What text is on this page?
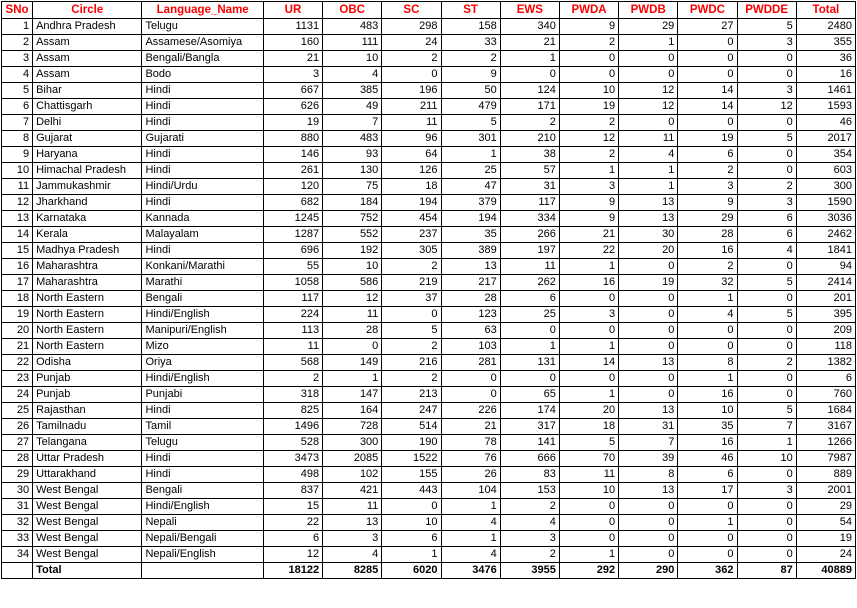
SNo	Circle	Language_Name	UR	OBC	SC	ST	EWS	PWDA	PWDB	PWDC	PWDDE	Total
1	Andhra Pradesh	Telugu	1131	483	298	158	340	9	29	27	5	2480
2	Assam	Assamese/Asomiya	160	111	24	33	21	2	1	0	3	355
3	Assam	Bengali/Bangla	21	10	2	2	1	0	0	0	0	36
4	Assam	Bodo	3	4	0	9	0	0	0	0	0	16
5	Bihar	Hindi	667	385	196	50	124	10	12	14	3	1461
6	Chattisgarh	Hindi	626	49	211	479	171	19	12	14	12	1593
7	Delhi	Hindi	19	7	11	5	2	2	0	0	0	46
8	Gujarat	Gujarati	880	483	96	301	210	12	11	19	5	2017
9	Haryana	Hindi	146	93	64	1	38	2	4	6	0	354
10	Himachal Pradesh	Hindi	261	130	126	25	57	1	1	2	0	603
11	Jammukashmir	Hindi/Urdu	120	75	18	47	31	3	1	3	2	300
12	Jharkhand	Hindi	682	184	194	379	117	9	13	9	3	1590
13	Karnataka	Kannada	1245	752	454	194	334	9	13	29	6	3036
14	Kerala	Malayalam	1287	552	237	35	266	21	30	28	6	2462
15	Madhya Pradesh	Hindi	696	192	305	389	197	22	20	16	4	1841
16	Maharashtra	Konkani/Marathi	55	10	2	13	11	1	0	2	0	94
17	Maharashtra	Marathi	1058	586	219	217	262	16	19	32	5	2414
18	North Eastern	Bengali	117	12	37	28	6	0	0	1	0	201
19	North Eastern	Hindi/English	224	11	0	123	25	3	0	4	5	395
20	North Eastern	Manipuri/English	113	28	5	63	0	0	0	0	0	209
21	North Eastern	Mizo	11	0	2	103	1	1	0	0	0	118
22	Odisha	Oriya	568	149	216	281	131	14	13	8	2	1382
23	Punjab	Hindi/English	2	1	2	0	0	0	0	1	0	6
24	Punjab	Punjabi	318	147	213	0	65	1	0	16	0	760
25	Rajasthan	Hindi	825	164	247	226	174	20	13	10	5	1684
26	Tamilnadu	Tamil	1496	728	514	21	317	18	31	35	7	3167
27	Telangana	Telugu	528	300	190	78	141	5	7	16	1	1266
28	Uttar Pradesh	Hindi	3473	2085	1522	76	666	70	39	46	10	7987
29	Uttarakhand	Hindi	498	102	155	26	83	11	8	6	0	889
30	West Bengal	Bengali	837	421	443	104	153	10	13	17	3	2001
31	West Bengal	Hindi/English	15	11	0	1	2	0	0	0	0	29
32	West Bengal	Nepali	22	13	10	4	4	0	0	1	0	54
33	West Bengal	Nepali/Bengali	6	3	6	1	3	0	0	0	0	19
34	West Bengal	Nepali/English	12	4	1	4	2	1	0	0	0	24
	Total		18122	8285	6020	3476	3955	292	290	362	87	40889
